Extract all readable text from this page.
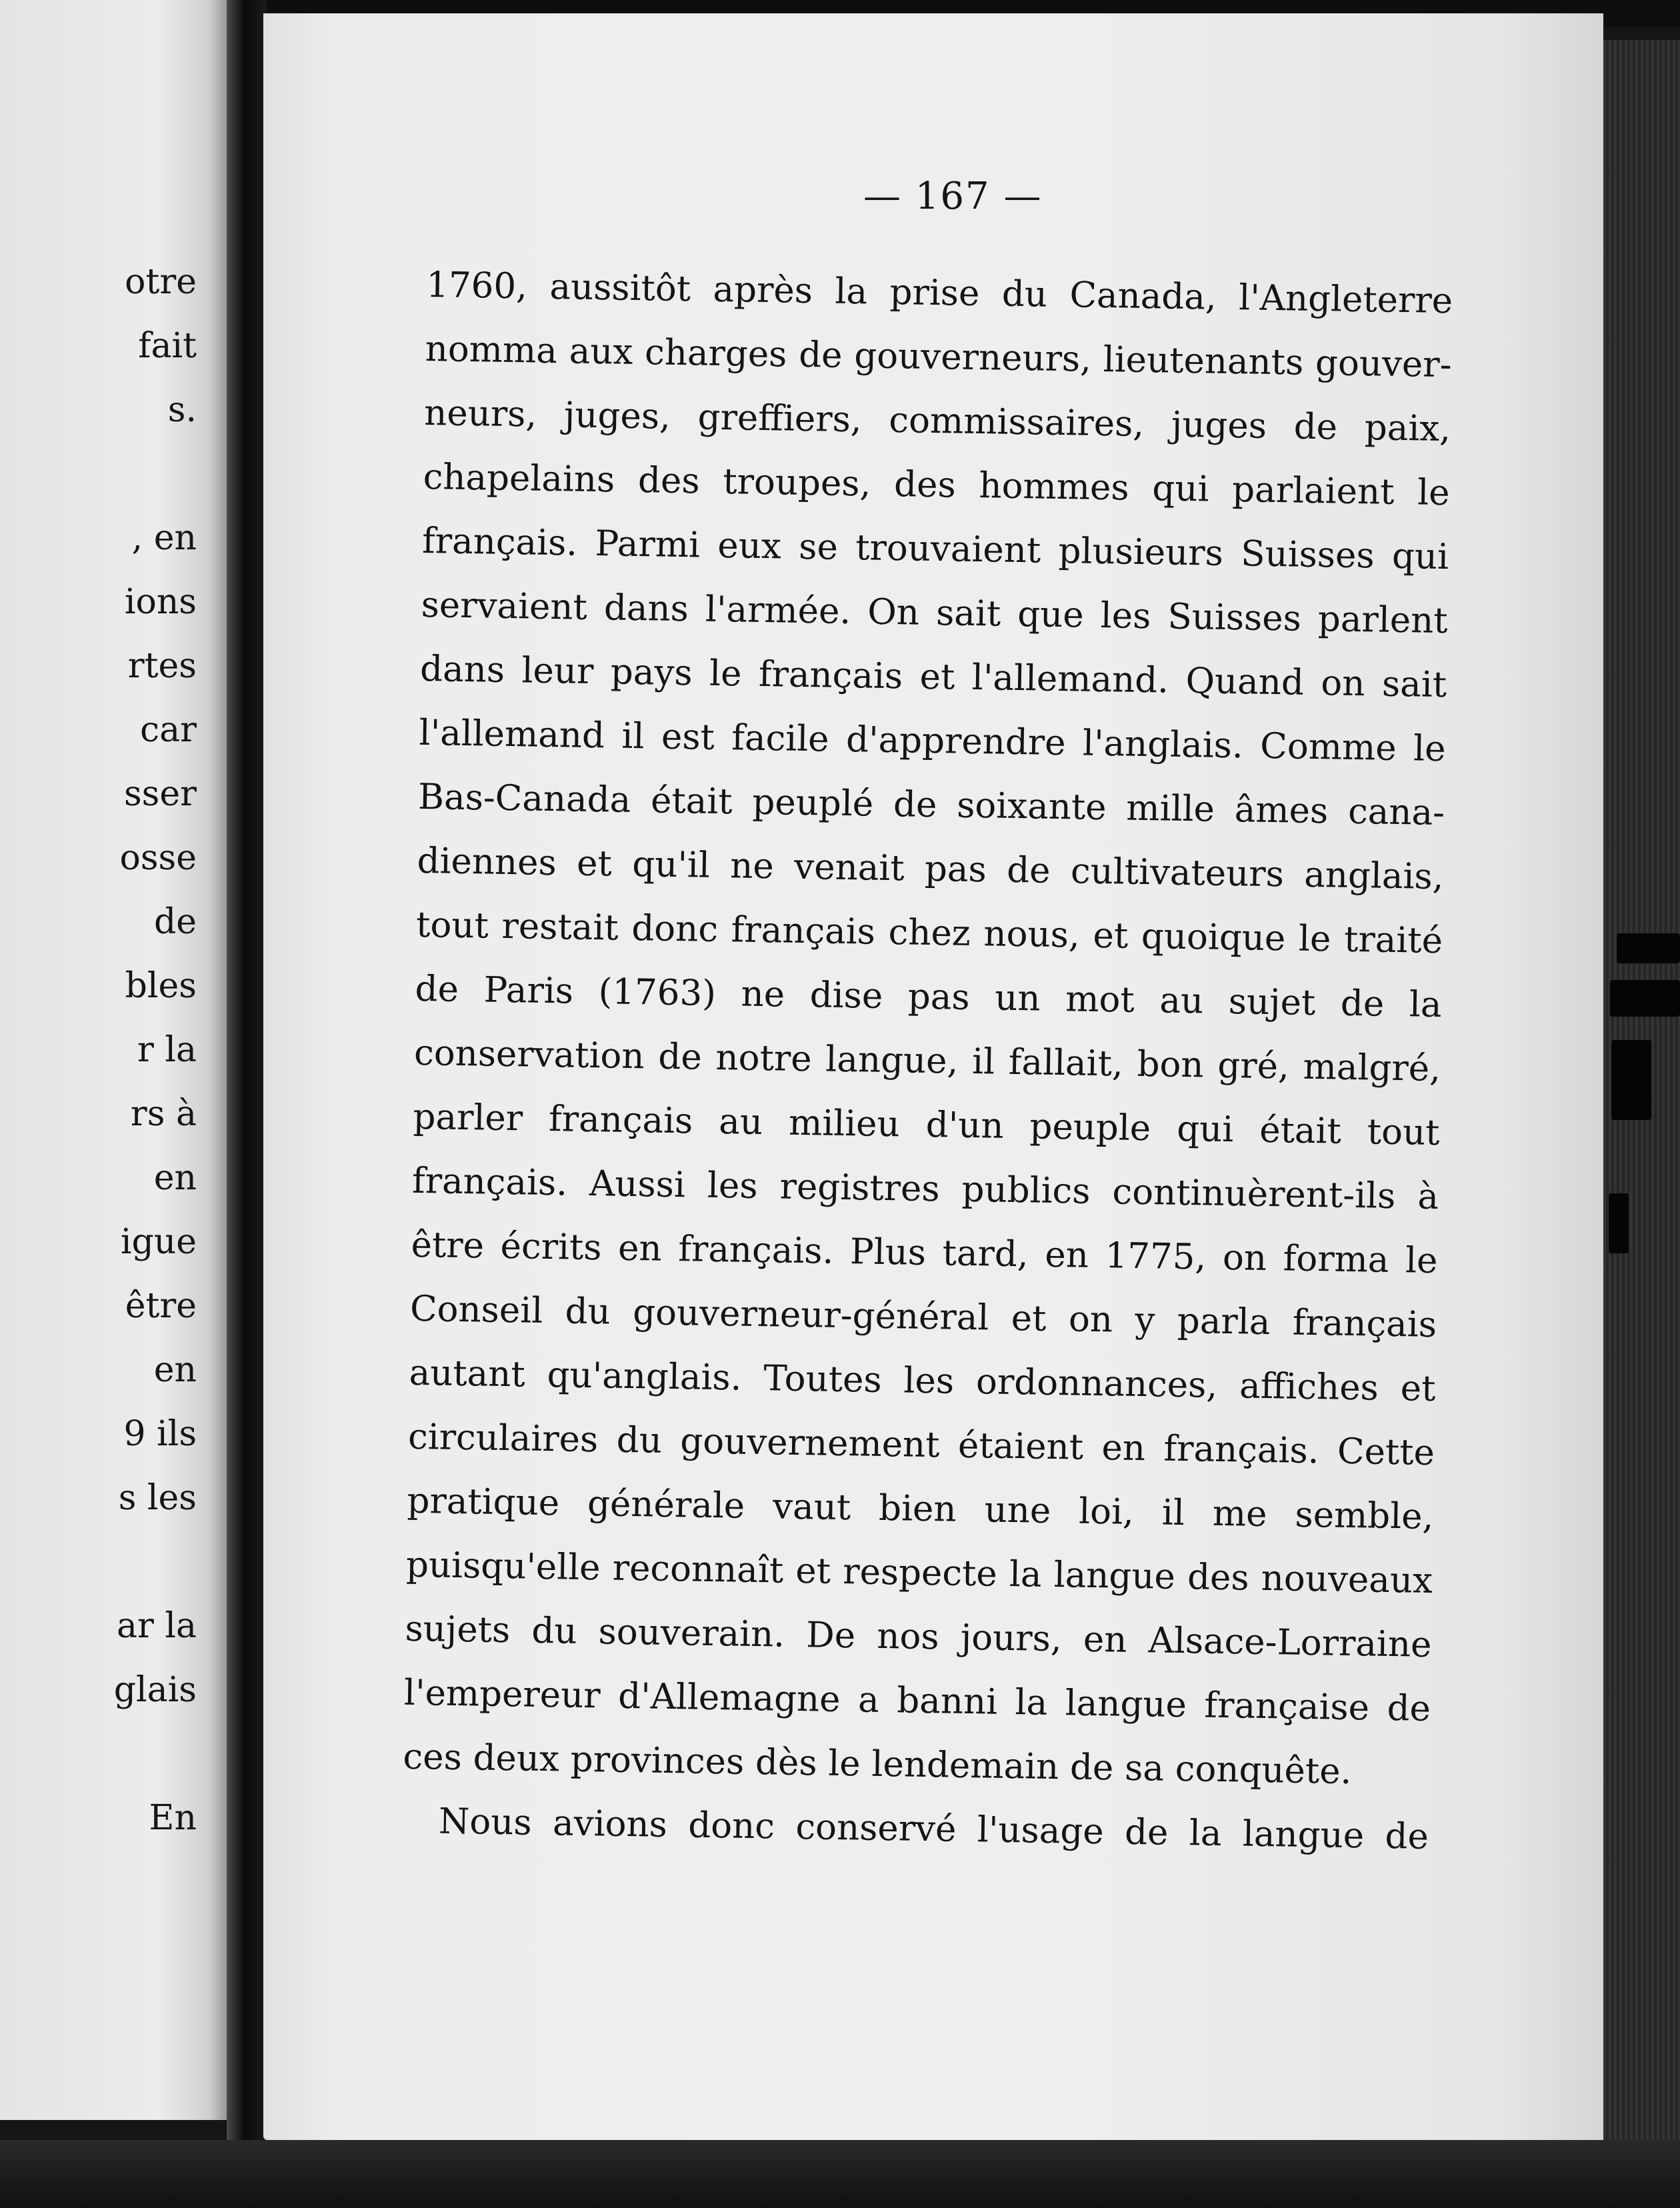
otre
fait
s.
, en
ions
rtes
car
sser
osse
de
bles
r la
rs à
en
igue
être
en
9 ils
s les
ar la
glais
En
— 167 —
1760, aussitôt après la prise du Canada, l'Angleterre
nomma aux charges de gouverneurs, lieutenants gouver-
neurs, juges, greffiers, commissaires, juges de paix,
chapelains des troupes, des hommes qui parlaient le
français. Parmi eux se trouvaient plusieurs Suisses qui
servaient dans l'armée. On sait que les Suisses parlent
dans leur pays le français et l'allemand. Quand on sait
l'allemand il est facile d'apprendre l'anglais. Comme le
Bas-Canada était peuplé de soixante mille âmes cana-
diennes et qu'il ne venait pas de cultivateurs anglais,
tout restait donc français chez nous, et quoique le traité
de Paris (1763) ne dise pas un mot au sujet de la
conservation de notre langue, il fallait, bon gré, malgré,
parler français au milieu d'un peuple qui était tout
français. Aussi les registres publics continuèrent-ils à
être écrits en français. Plus tard, en 1775, on forma le
Conseil du gouverneur-général et on y parla français
autant qu'anglais. Toutes les ordonnances, affiches et
circulaires du gouvernement étaient en français. Cette
pratique générale vaut bien une loi, il me semble,
puisqu'elle reconnaît et respecte la langue des nouveaux
sujets du souverain. De nos jours, en Alsace-Lorraine
l'empereur d'Allemagne a banni la langue française de
ces deux provinces dès le lendemain de sa conquête.
Nous avions donc conservé l'usage de la langue de
